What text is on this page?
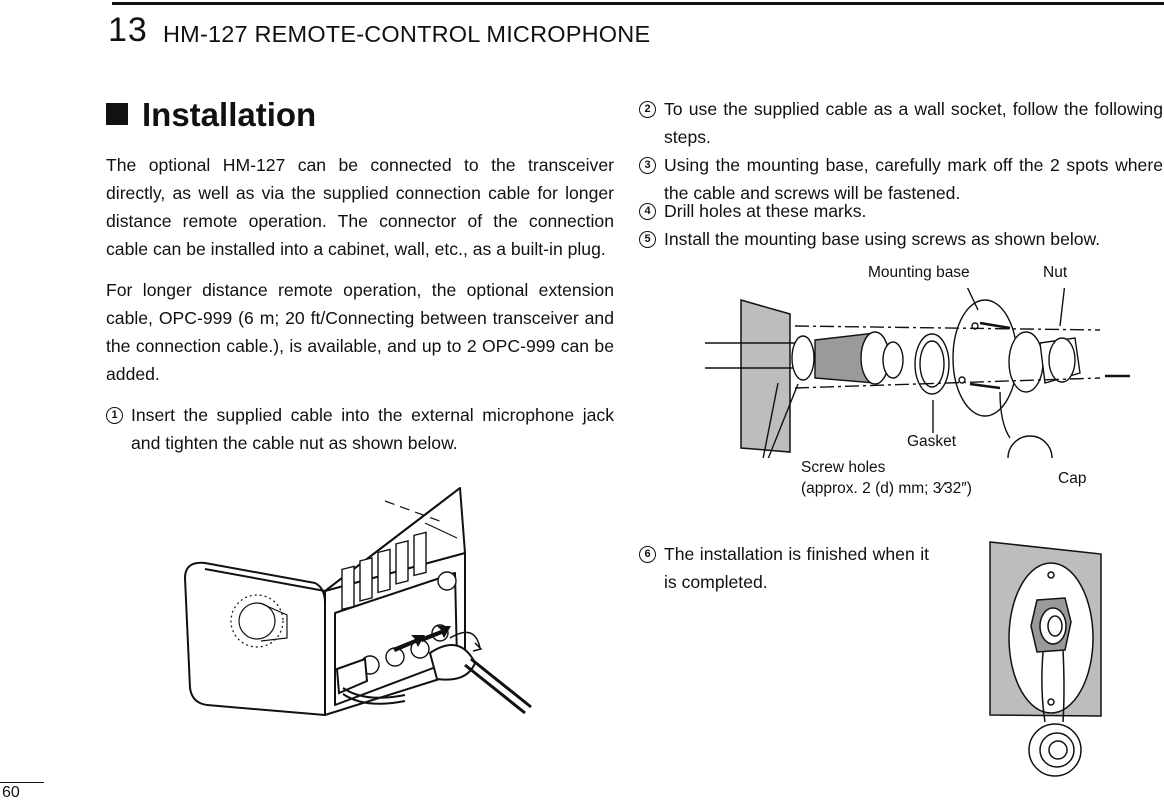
13 HM-127 REMOTE-CONTROL MICROPHONE
Installation

The optional HM-127 can be connected to the transceiver directly, as well as via the supplied connection cable for longer distance remote operation. The connector of the connection cable can be installed into a cabinet, wall, etc., as a built-in plug.

For longer distance remote operation, the optional extension cable, OPC-999 (6 m; 20 ft/Connecting between transceiver and the connection cable.), is available, and up to 2 OPC-999 can be added.

1 Insert the supplied cable into the external microphone jack and tighten the cable nut as shown below.
2 To use the supplied cable as a wall socket, follow the following steps.
3 Using the mounting base, carefully mark off the 2 spots where the cable and screws will be fastened.
4 Drill holes at these marks.
5 Install the mounting base using screws as shown below.
6 The installation is finished when it is completed.
Mounting base	Nut
Gasket
Screw holes
(approx. 2 (d) mm; 3⁄32″)
Cap
60
